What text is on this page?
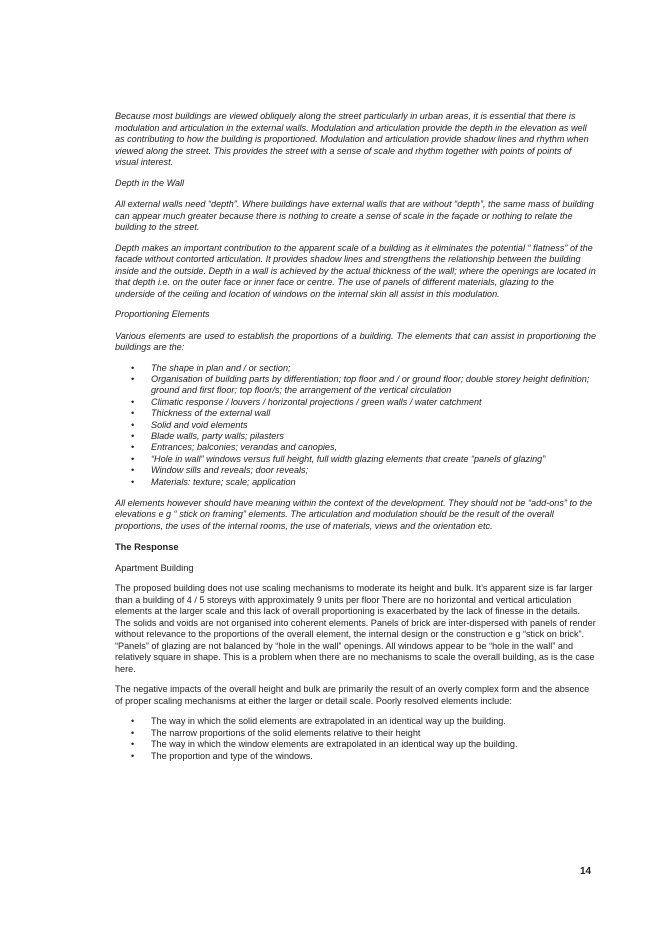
Because most buildings are viewed obliquely along the street particularly in urban areas, it is essential that there is modulation and articulation in the external walls. Modulation and articulation provide the depth in the elevation as well as contributing to how the building is proportioned. Modulation and articulation provide shadow lines and rhythm when viewed along the street. This provides the street with a sense of scale and rhythm together with points of points of visual interest.

Depth in the Wall

All external walls need “depth”. Where buildings have external walls that are without “depth”, the same mass of building can appear much greater because there is nothing to create a sense of scale in the façade or nothing to relate the building to the street.

Depth makes an important contribution to the apparent scale of a building as it eliminates the potential “ flatness” of the facade without contorted articulation. It provides shadow lines and strengthens the relationship between the building inside and the outside. Depth in a wall is achieved by the actual thickness of the wall; where the openings are located in that depth i.e. on the outer face or inner face or centre. The use of panels of different materials, glazing to the underside of the ceiling and location of windows on the internal skin all assist in this modulation.

Proportioning Elements

Various elements are used to establish the proportions of a building. The elements that can assist in proportioning the buildings are the:

• The shape in plan and / or section;
• Organisation of building parts by differentiation; top floor and / or ground floor; double storey height definition; ground and first floor; top floor/s; the arrangement of the vertical circulation
• Climatic response / louvers / horizontal projections / green walls / water catchment
• Thickness of the external wall
• Solid and void elements
• Blade walls, party walls; pilasters
• Entrances; balconies; verandas and canopies,
• “Hole in wall” windows versus full height, full width glazing elements that create “panels of glazing”
• Window sills and reveals; door reveals;
• Materials: texture; scale; application

All elements however should have meaning within the context of the development. They should not be “add-ons” to the elevations e g “ stick on framing” elements. The articulation and modulation should be the result of the overall proportions, the uses of the internal rooms, the use of materials, views and the orientation etc.

The Response

Apartment Building

The proposed building does not use scaling mechanisms to moderate its height and bulk. It’s apparent size is far larger than a building of 4 / 5 storeys with approximately 9 units per floor There are no horizontal and vertical articulation elements at the larger scale and this lack of overall proportioning is exacerbated by the lack of finesse in the details. The solids and voids are not organised into coherent elements. Panels of brick are inter-dispersed with panels of render without relevance to the proportions of the overall element, the internal design or the construction e g “stick on brick”. “Panels” of glazing are not balanced by “hole in the wall” openings. All windows appear to be “hole in the wall” and relatively square in shape. This is a problem when there are no mechanisms to scale the overall building, as is the case here.

The negative impacts of the overall height and bulk are primarily the result of an overly complex form and the absence of proper scaling mechanisms at either the larger or detail scale. Poorly resolved elements include:

• The way in which the solid elements are extrapolated in an identical way up the building.
• The narrow proportions of the solid elements relative to their height
• The way in which the window elements are extrapolated in an identical way up the building.
• The proportion and type of the windows.
14
